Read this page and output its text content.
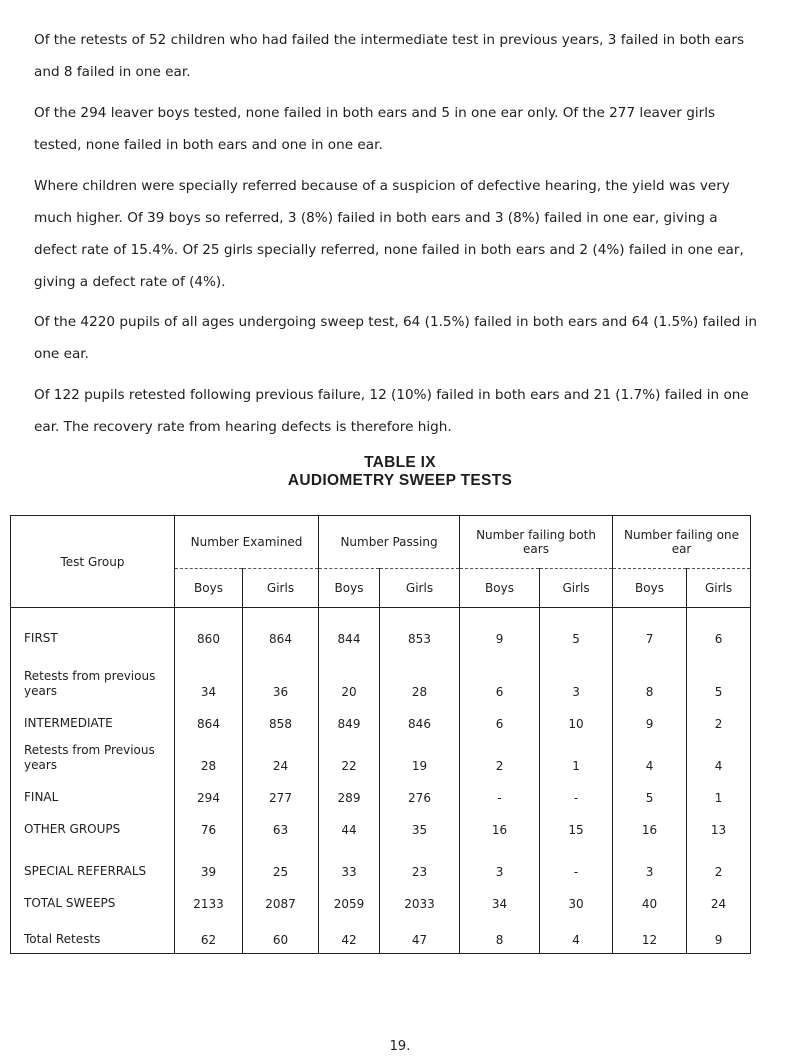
Of the retests of 52 children who had failed the intermediate test in previous years, 3 failed in both ears and 8 failed in one ear.

Of the 294 leaver boys tested, none failed in both ears and 5 in one ear only. Of the 277 leaver girls tested, none failed in both ears and one in one ear.

Where children were specially referred because of a suspicion of defective hearing, the yield was very much higher. Of 39 boys so referred, 3 (8%) failed in both ears and 3 (8%) failed in one ear, giving a defect rate of 15.4%. Of 25 girls specially referred, none failed in both ears and 2 (4%) failed in one ear, giving a defect rate of (4%).

Of the 4220 pupils of all ages undergoing sweep test, 64 (1.5%) failed in both ears and 64 (1.5%) failed in one ear.

Of 122 pupils retested following previous failure, 12 (10%) failed in both ears and 21 (1.7%) failed in one ear. The recovery rate from hearing defects is therefore high.

TABLE IX

AUDIOMETRY SWEEP TESTS

Test Group	Number Examined		Number Passing		Number failing both ears		Number failing one ear	
	Boys	Girls	Boys	Girls	Boys	Girls	Boys	Girls
FIRST	860	864	844	853	9	5	7	6
Retests from previous years	34	36	20	28	6	3	8	5
INTERMEDIATE	864	858	849	846	6	10	9	2
Retests from Previous years	28	24	22	19	2	1	4	4
FINAL	294	277	289	276	-	-	5	1
OTHER GROUPS	76	63	44	35	16	15	16	13
SPECIAL REFERRALS	39	25	33	23	3	-	3	2
TOTAL SWEEPS	2133	2087	2059	2033	34	30	40	24
Total Retests	62	60	42	47	8	4	12	9

19.
